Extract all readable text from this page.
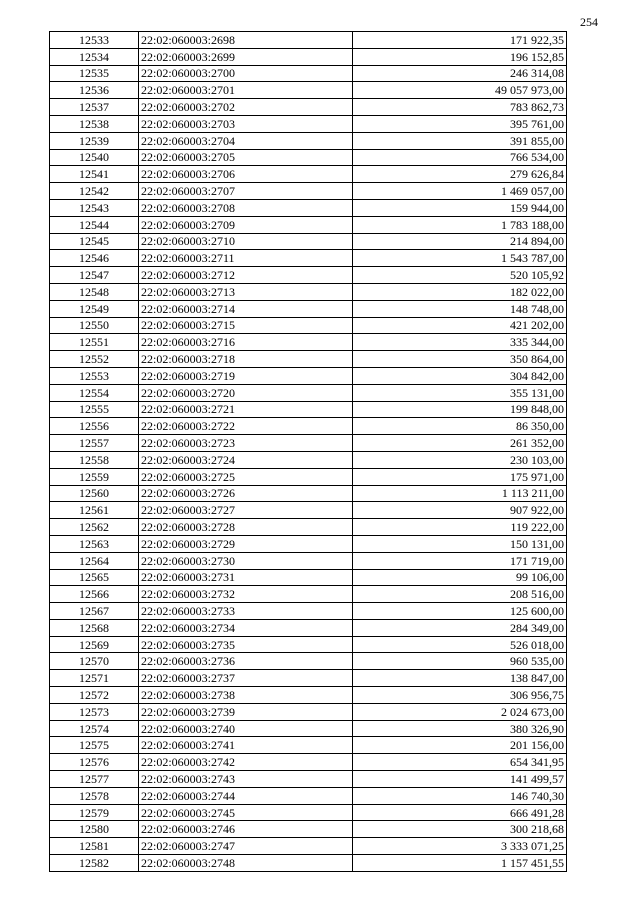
254
12533	22:02:060003:2698	171 922,35
12534	22:02:060003:2699	196 152,85
12535	22:02:060003:2700	246 314,08
12536	22:02:060003:2701	49 057 973,00
12537	22:02:060003:2702	783 862,73
12538	22:02:060003:2703	395 761,00
12539	22:02:060003:2704	391 855,00
12540	22:02:060003:2705	766 534,00
12541	22:02:060003:2706	279 626,84
12542	22:02:060003:2707	1 469 057,00
12543	22:02:060003:2708	159 944,00
12544	22:02:060003:2709	1 783 188,00
12545	22:02:060003:2710	214 894,00
12546	22:02:060003:2711	1 543 787,00
12547	22:02:060003:2712	520 105,92
12548	22:02:060003:2713	182 022,00
12549	22:02:060003:2714	148 748,00
12550	22:02:060003:2715	421 202,00
12551	22:02:060003:2716	335 344,00
12552	22:02:060003:2718	350 864,00
12553	22:02:060003:2719	304 842,00
12554	22:02:060003:2720	355 131,00
12555	22:02:060003:2721	199 848,00
12556	22:02:060003:2722	86 350,00
12557	22:02:060003:2723	261 352,00
12558	22:02:060003:2724	230 103,00
12559	22:02:060003:2725	175 971,00
12560	22:02:060003:2726	1 113 211,00
12561	22:02:060003:2727	907 922,00
12562	22:02:060003:2728	119 222,00
12563	22:02:060003:2729	150 131,00
12564	22:02:060003:2730	171 719,00
12565	22:02:060003:2731	99 106,00
12566	22:02:060003:2732	208 516,00
12567	22:02:060003:2733	125 600,00
12568	22:02:060003:2734	284 349,00
12569	22:02:060003:2735	526 018,00
12570	22:02:060003:2736	960 535,00
12571	22:02:060003:2737	138 847,00
12572	22:02:060003:2738	306 956,75
12573	22:02:060003:2739	2 024 673,00
12574	22:02:060003:2740	380 326,90
12575	22:02:060003:2741	201 156,00
12576	22:02:060003:2742	654 341,95
12577	22:02:060003:2743	141 499,57
12578	22:02:060003:2744	146 740,30
12579	22:02:060003:2745	666 491,28
12580	22:02:060003:2746	300 218,68
12581	22:02:060003:2747	3 333 071,25
12582	22:02:060003:2748	1 157 451,55
